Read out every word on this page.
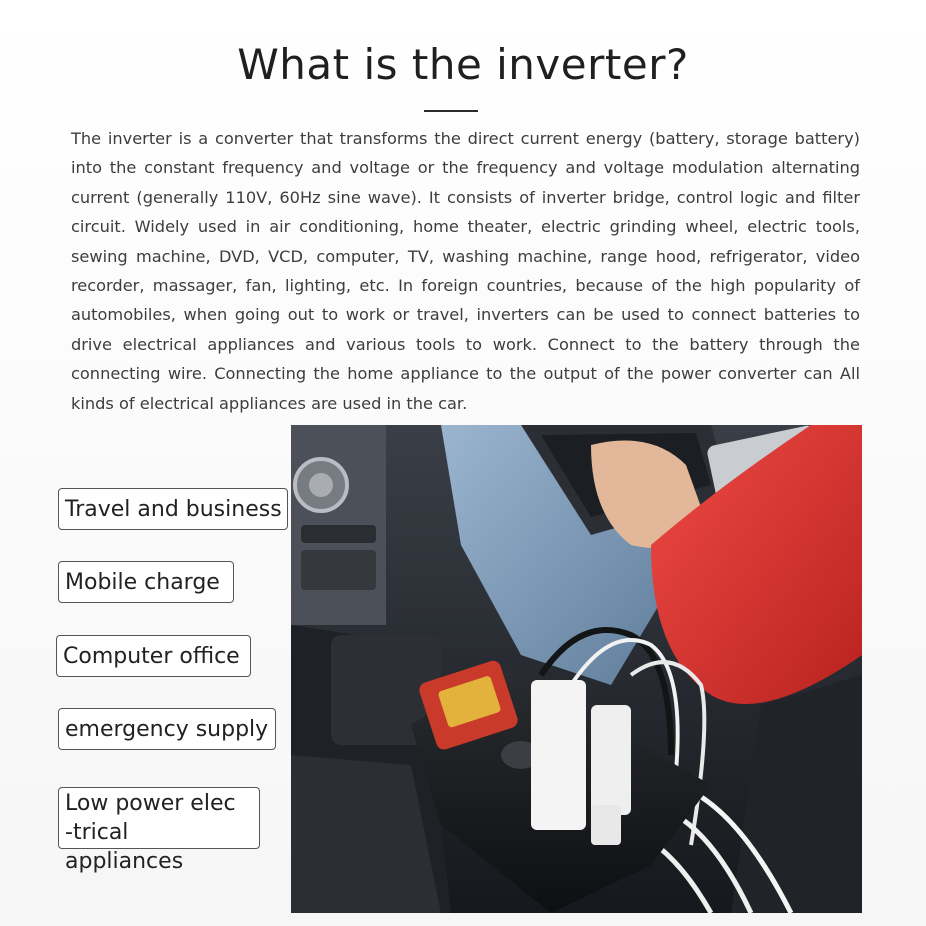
What is the inverter?
The inverter is a converter that transforms the direct current energy (battery, storage battery) into the constant frequency and voltage or the frequency and voltage modulation alternating current (generally 110V, 60Hz sine wave). It consists of inverter bridge, control logic and filter circuit. Widely used in air conditioning, home theater, electric grinding wheel, electric tools, sewing machine, DVD, VCD, computer, TV, washing machine, range hood, refrigerator, video recorder, massager, fan, lighting, etc. In foreign countries, because of the high popularity of automobiles, when going out to work or travel, inverters can be used to connect batteries to drive electrical appliances and various tools to work. Connect to the battery through the connecting wire. Connecting the home appliance to the output of the power converter can All kinds of electrical appliances are used in the car.
Travel and business
Mobile charge
Computer office
emergency supply
Low power elec
-trical appliances
